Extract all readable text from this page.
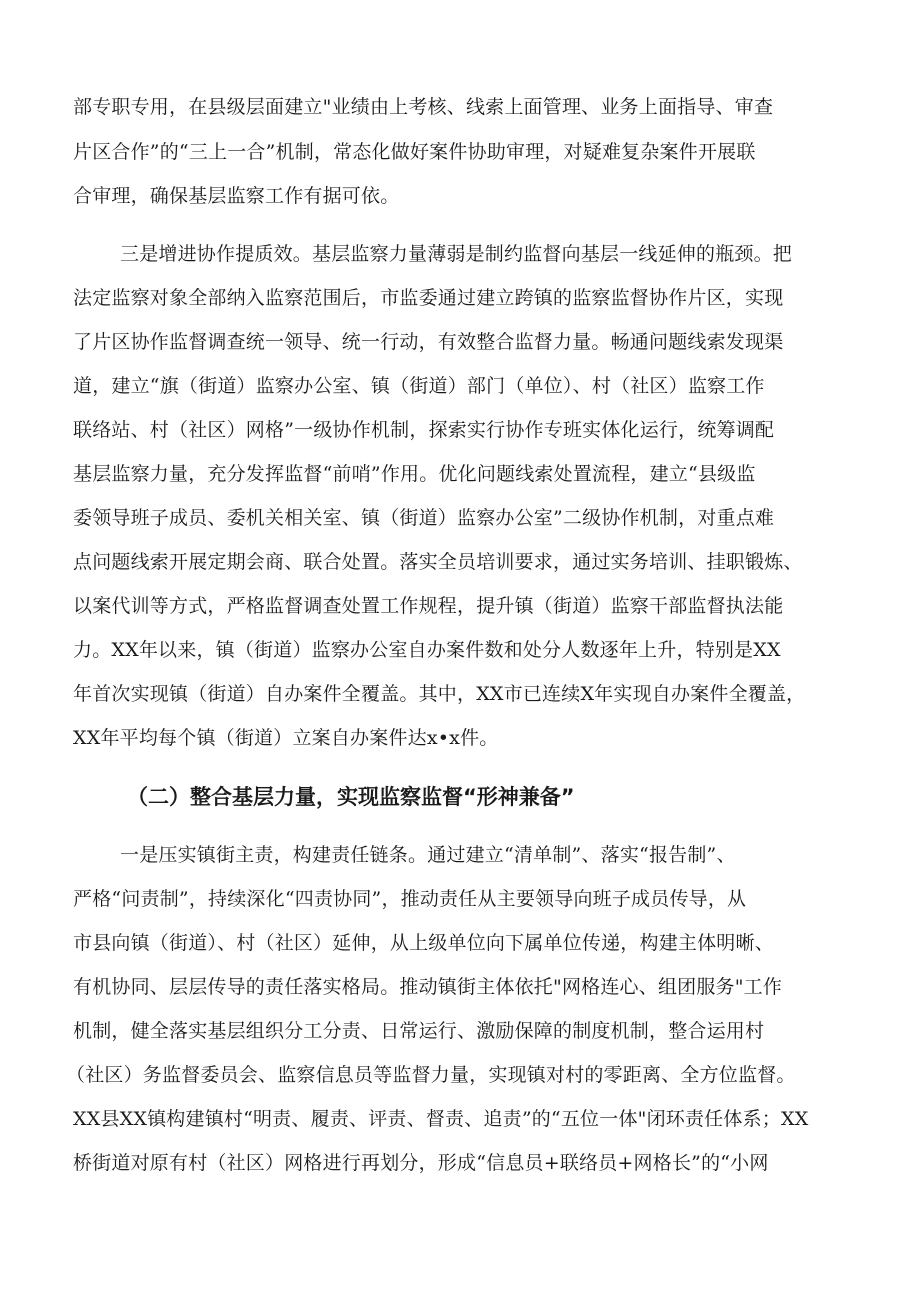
部专职专用，在县级层面建立"业绩由上考核、线索上面管理、业务上面指导、审查
片区合作”的“三上一合”机制，常态化做好案件协助审理，对疑难复杂案件开展联
合审理，确保基层监察工作有据可依。
三是增进协作提质效。基层监察力量薄弱是制约监督向基层一线延伸的瓶颈。把
法定监察对象全部纳入监察范围后，市监委通过建立跨镇的监察监督协作片区，实现
了片区协作监督调查统一领导、统一行动，有效整合监督力量。畅通问题线索发现渠
道，建立“旗（街道）监察办公室、镇（街道）部门（单位）、村（社区）监察工作
联络站、村（社区）网格”一级协作机制，探索实行协作专班实体化运行，统筹调配
基层监察力量，充分发挥监督“前哨”作用。优化问题线索处置流程，建立“县级监
委领导班子成员、委机关相关室、镇（街道）监察办公室”二级协作机制，对重点难
点问题线索开展定期会商、联合处置。落实全员培训要求，通过实务培训、挂职锻炼、
以案代训等方式，严格监督调查处置工作规程，提升镇（街道）监察干部监督执法能
力。XX年以来，镇（街道）监察办公室自办案件数和处分人数逐年上升，特别是XX
年首次实现镇（街道）自办案件全覆盖。其中，XX市已连续X年实现自办案件全覆盖，
XX年平均每个镇（街道）立案自办案件达x•x件。
（二）整合基层力量，实现监察监督“形神兼备”
一是压实镇街主责，构建责任链条。通过建立“清单制”、落实“报告制”、
严格“问责制”，持续深化“四责协同”，推动责任从主要领导向班子成员传导，从
市县向镇（街道）、村（社区）延伸，从上级单位向下属单位传递，构建主体明晰、
有机协同、层层传导的责任落实格局。推动镇街主体依托"网格连心、组团服务"工作
机制，健全落实基层组织分工分责、日常运行、激励保障的制度机制，整合运用村
（社区）务监督委员会、监察信息员等监督力量，实现镇对村的零距离、全方位监督。
XX县XX镇构建镇村“明责、履责、评责、督责、追责”的“五位一体"闭环责任体系；XX
桥街道对原有村（社区）网格进行再划分，形成“信息员+联络员+网格长”的“小网
